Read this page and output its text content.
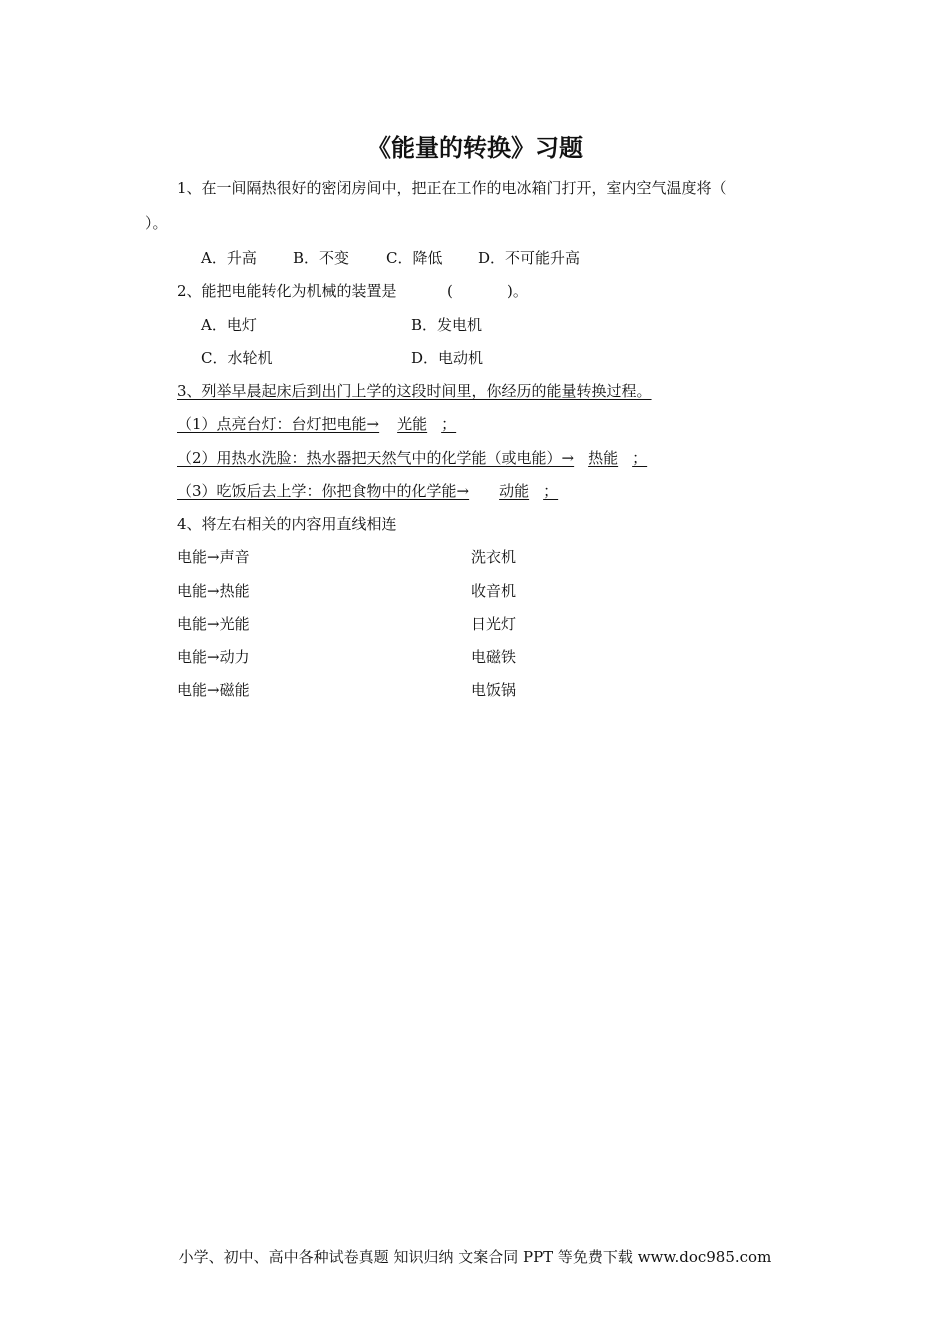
《能量的转换》习题
1、在一间隔热很好的密闭房间中，把正在工作的电冰箱门打开，室内空气温度将（
）。
A．升高 B．不变 C．降低 D．不可能升高
2、能把电能转化为机械的装置是	(	)。
A．电灯	B．发电机
C．水轮机	D．电动机
3、列举早晨起床后到出门上学的这段时间里，你经历的能量转换过程。
（1）点亮台灯：台灯把电能→ 光能 ；
（2）用热水洗脸：热水器把天然气中的化学能（或电能）→ 热能 ；
（3）吃饭后去上学：你把食物中的化学能→ 动能 ；
4、将左右相关的内容用直线相连
电能→声音	洗衣机
电能→热能	收音机
电能→光能	日光灯
电能→动力	电磁铁
电能→磁能	电饭锅
小学、初中、高中各种试卷真题 知识归纳 文案合同 PPT 等免费下载 www.doc985.com
